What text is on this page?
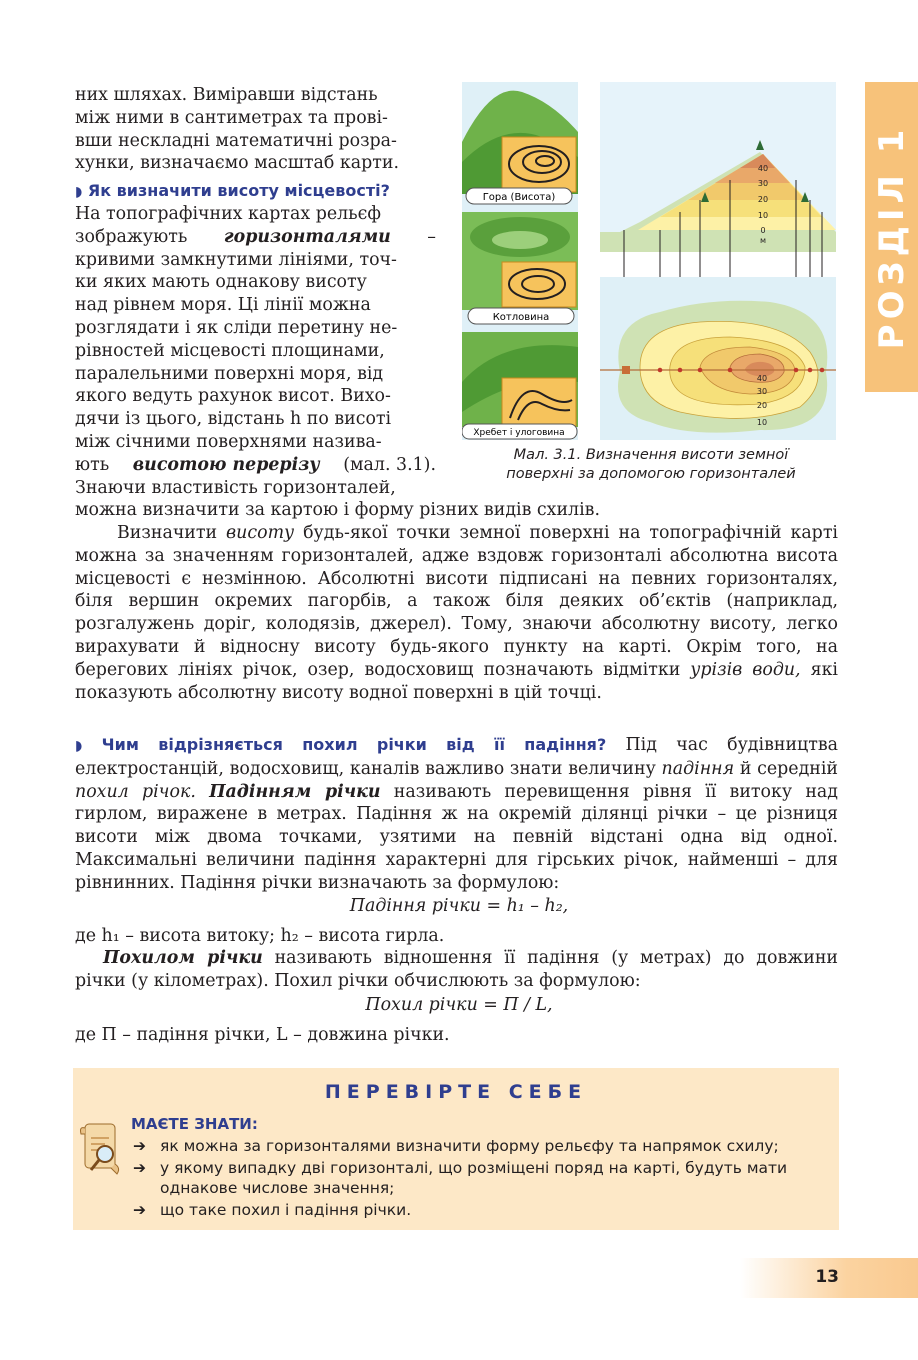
РОЗДІЛ 1
них шляхах. Виміравши відстань
між ними в сантиметрах та прові-
вши нескладні математичні розра-
хунки, визначаємо масштаб карти.
◗ Як визначити висоту місцевості?
На топографічних картах рельєф
зображують горизонталями –
кривими замкнутими лініями, точ-
ки яких мають однакову висоту
над рівнем моря. Ці лінії можна
розглядати і як сліди перетину не-
рівностей місцевості площинами,
паралельними поверхні моря, від
якого ведуть рахунок висот. Вихо-
дячи із цього, відстань h по висоті
між січними поверхнями назива-
ють висотою перерізу (мал. 3.1).
Знаючи властивість горизонталей,
можна визначити за картою і форму різних видів схилів.
Гора (Висота)
Котловина
Хребет і улоговина
40
30
20
10
0
м
40
30
20
10
Мал. 3.1. Визначення висоти земної
поверхні за допомогою горизонталей
Визначити висоту будь-якої точки земної поверхні на топографічній карті можна за значенням горизонталей, адже вздовж горизонталі абсолютна висота місцевості є незмінною. Абсолютні висоти підписані на певних горизонталях, біля вершин окремих пагорбів, а також біля деяких об’єктів (наприклад, розгалужень доріг, колодязів, джерел). Тому, знаючи абсолютну висоту, легко вирахувати й відносну висоту будь-якого пункту на карті. Окрім того, на берегових лініях річок, озер, водосховищ позначають відмітки урізів води, які показують абсолютну висоту водної поверхні в цій точці.
◗ Чим відрізняється похил річки від її падіння? Під час будівництва електростанцій, водосховищ, каналів важливо знати величину падіння й середній похил річок. Падінням річки називають перевищення рівня її витоку над гирлом, виражене в метрах. Падіння ж на окремій ділянці річки – це різниця висоти між двома точками, узятими на певній відстані одна від одної. Максимальні величини падіння характерні для гірських річок, найменші – для рівнинних. Падіння річки визначають за формулою:
Падіння річки = h₁ – h₂,
де h₁ – висота витоку; h₂ – висота гирла.
Похилом річки називають відношення її падіння (у метрах) до довжини річки (у кілометрах). Похил річки обчислюють за формулою:
Похил річки = П / L,
де П – падіння річки, L – довжина річки.
ПЕРЕВІРТЕ СЕБЕ
МАЄТЕ ЗНАТИ:
➔ як можна за горизонталями визначити форму рельєфу та напрямок схилу;
➔ у якому випадку дві горизонталі, що розміщені поряд на карті, будуть мати однакове числове значення;
➔ що таке похил і падіння річки.
13
